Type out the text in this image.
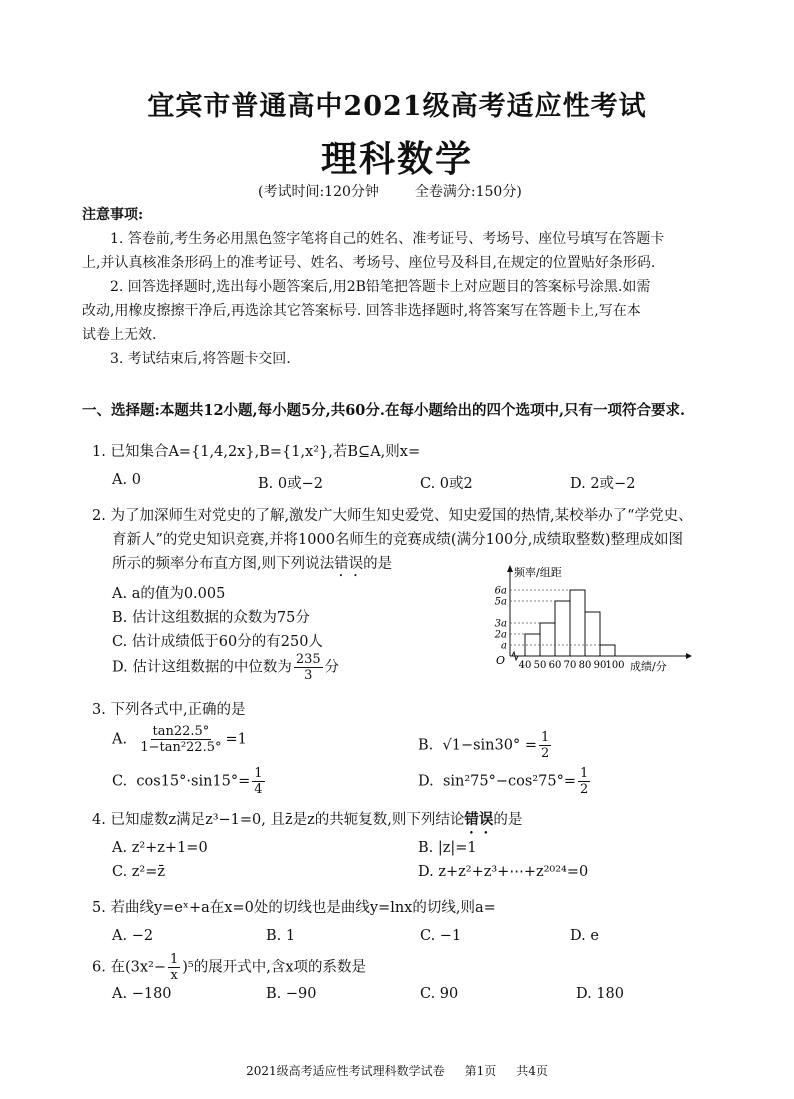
宜宾市普通高中2021级高考适应性考试
理科数学
(考试时间:120分钟	全卷满分:150分)
注意事项:
1. 答卷前,考生务必用黑色签字笔将自己的姓名、准考证号、考场号、座位号填写在答题卡
上,并认真核准条形码上的准考证号、姓名、考场号、座位号及科目,在规定的位置贴好条形码.
2. 回答选择题时,选出每小题答案后,用2B铅笔把答题卡上对应题目的答案标号涂黑.如需
改动,用橡皮擦擦干净后,再选涂其它答案标号. 回答非选择题时,将答案写在答题卡上,写在本
试卷上无效.
3. 考试结束后,将答题卡交回.
一、选择题:本题共12小题,每小题5分,共60分.在每小题给出的四个选项中,只有一项符合要求.
1. 已知集合A={1,4,2x},B={1,x²},若B⊆A,则x=
A. 0	B. 0或−2	C. 0或2	D. 2或−2
2. 为了加深师生对党史的了解,激发广大师生知史爱党、知史爱国的热情,某校举办了“学党史、
育新人”的党史知识竞赛,并将1000名师生的竞赛成绩(满分100分,成绩取整数)整理成如图
所示的频率分布直方图,则下列说法错误的是
A. a的值为0.005
B. 估计这组数据的众数为75分
C. 估计成绩低于60分的有250人
D. 估计这组数据的中位数为 $\frac{235}{3}$ 分
频率/组距
成绩/分
O
a
2a
3a
5a
6a
40 50 60 70 80 90 100
3. 下列各式中,正确的是
A. $\frac{\tan 22.5^\circ}{\text{1−tan²22.5°}} =1$	B. $√1-\sin 30^\circ = \frac{1}{2}$
C. $\cos 15^\circ\cdot\sin 15^\circ= \frac{1}{4}$	D. $\sin^275^\circ-\cos^275^\circ= \frac{1}{2}$
4. 已知虚数z满足z³−1=0, 且z̄是z的共轭复数,则下列结论错误的是
A. z²+z+1=0	B. |z|=1
C. z²=z̄	D. z+z²+z³+⋯+z²⁰²⁴=0
5. 若曲线y=eˣ+a在x=0处的切线也是曲线y=lnx的切线,则a=
A. −2	B. 1	C. −1	D. e
6. 在$(3x^2- \frac{1}{x} )^5$的展开式中,含x项的系数是
A. −180	B. −90	C. 90	D. 180
2021级高考适应性考试理科数学试卷 第1页 共4页
